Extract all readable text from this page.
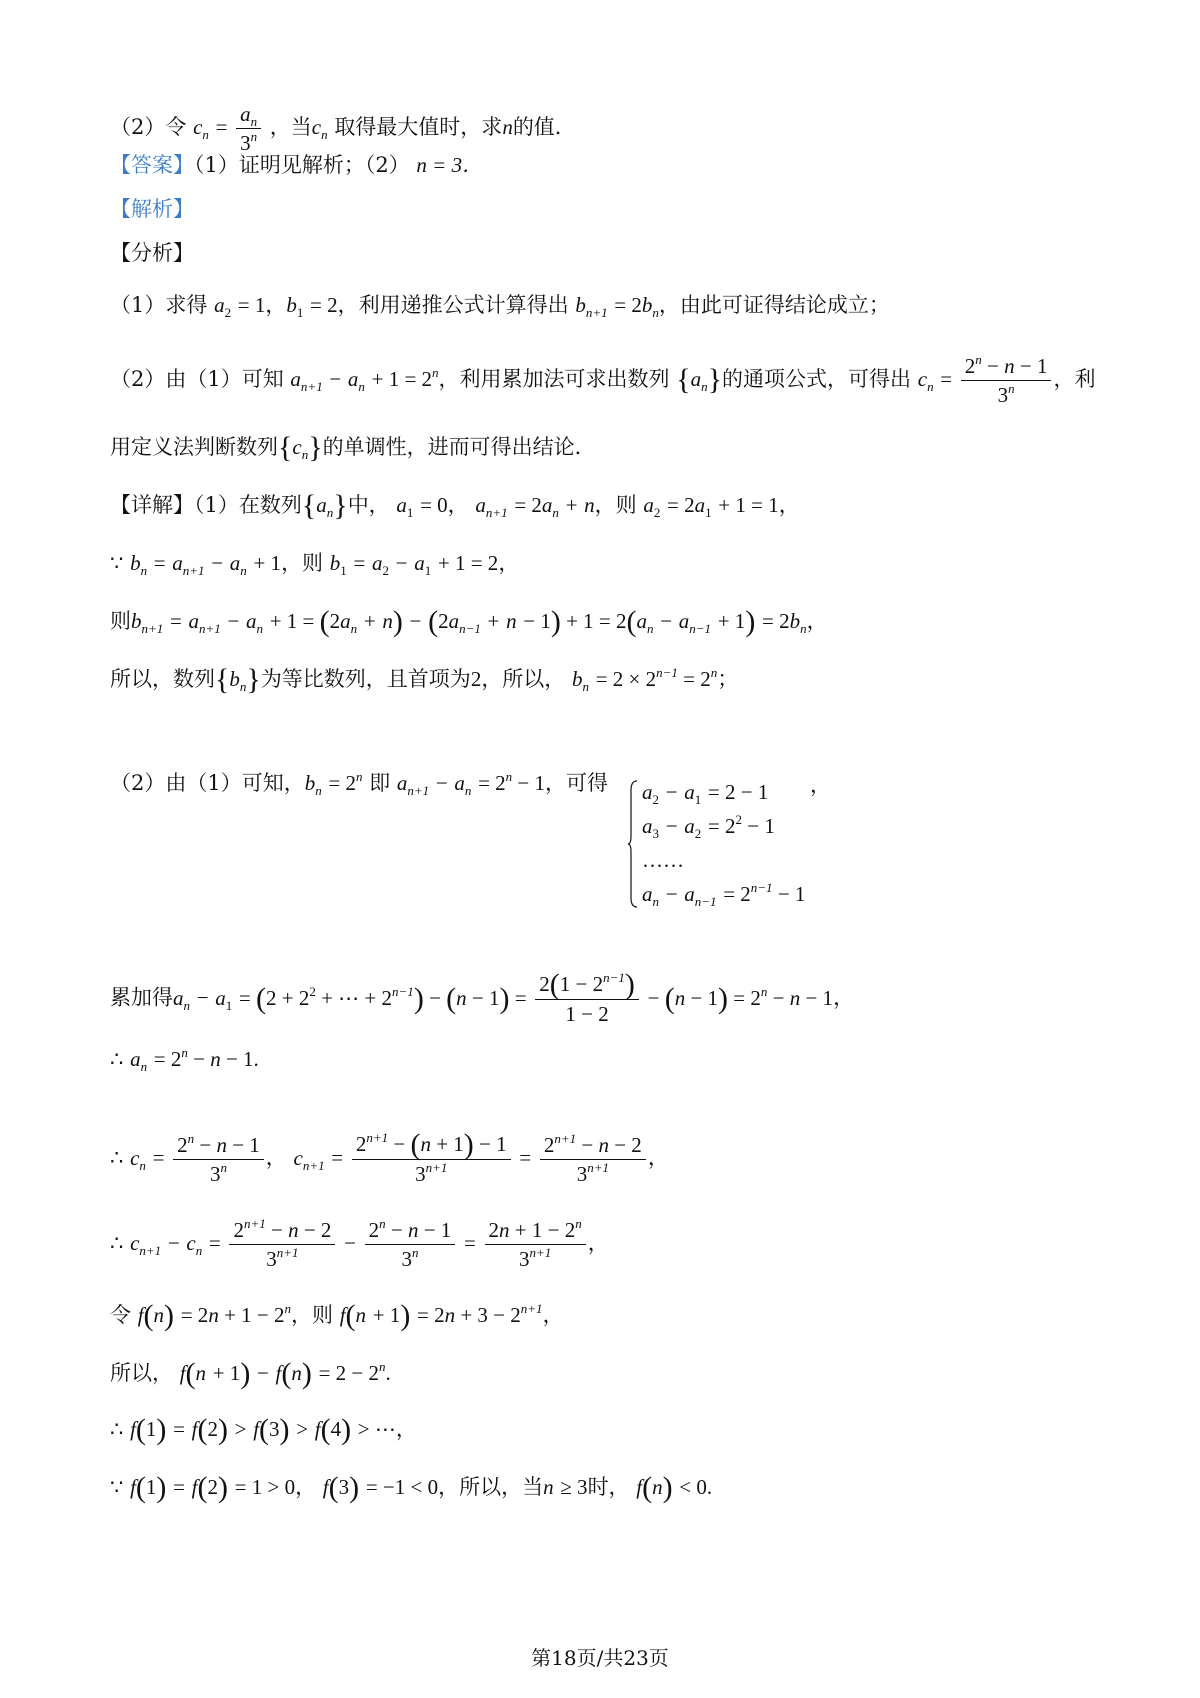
（2）令 $c_n = \frac{a_n}{3^n}$ ，当$c_n$ 取得最大值时，求n的值．
【答案】（1）证明见解析；（2） n = 3．
【解析】
【分析】
（1）求得 $a_2 = 1$，$b_1 = 2$，利用递推公式计算得出 $b_{n+1} = 2b_n$，由此可证得结论成立；
（2）由（1）可知 $a_{n+1} - a_n + 1 = 2^n$，利用累加法可求出数列 $\{a_n\}$的通项公式，可得出 $c_n = \frac{2^n - n - 1}{3^n}$ ，利
用定义法判断数列$\{c_n\}$的单调性，进而可得出结论．
【详解】（1）在数列$\{a_n\}$中， $a_1 = 0$， $a_{n+1} = 2a_n + n$，则 $a_2 = 2a_1 + 1 = 1$，
∵ $b_n = a_{n+1} - a_n + 1$，则 $b_1 = a_2 - a_1 + 1 = 2$，
则$b_{n+1} = a_{n+1} - a_n + 1 = (2a_n + n) - (2a_{n-1} + n - 1) + 1 = 2(a_n - a_{n-1} + 1) = 2b_n$，
所以，数列$\{b_n\}$为等比数列，且首项为2，所以， $b_n = 2 \times 2^{n-1} = 2^n$；
（2）由（1）可知，$b_n = 2^n$ 即 $a_{n+1} - a_n = 2^n - 1$，可得 $a_2 - a_1 = 2 - 1$
$a_3 - a_2 = 2^2 - 1$
……
$a_n - a_{n-1} = 2^{n-1} - 1$
，
累加得$a_n - a_1 = (2 + 2^2$ + ⋯ + $2^{n-1}) - (n - 1) = \frac{2(1 - 2^{n-1})}{1 - 2} - (n - 1) = 2^n - n - 1$，
∴ $a_n = 2^n - n - 1$.
∴ $c_n = \frac{2^n - n - 1}{3^n}$ ， $c_{n+1} = \frac{2^{n+1} - (n + 1) - 1}{3^{n+1}} = \frac{2^{n+1} - n - 2}{3^{n+1}}$ ，
∴ $c_{n+1} - c_n = \frac{2^{n+1} - n - 2}{3^{n+1}} - \frac{2^n - n - 1}{3^n} = \frac{2n + 1 - 2^n}{3^{n+1}}$ ，
令 $f(n) = 2n + 1 - 2^n$，则 $f(n + 1) = 2n + 3 - 2^{n+1}$，
所以， $f(n + 1) - f(n) = 2 - 2^n$.
∴ f(1) = f(2) > f(3) > f(4) > ⋯，
∵ f(1) = f(2) = 1 > 0， f(3) = −1 < 0，所以，当n ≥ 3时， f(n) < 0.
第18页/共23页
